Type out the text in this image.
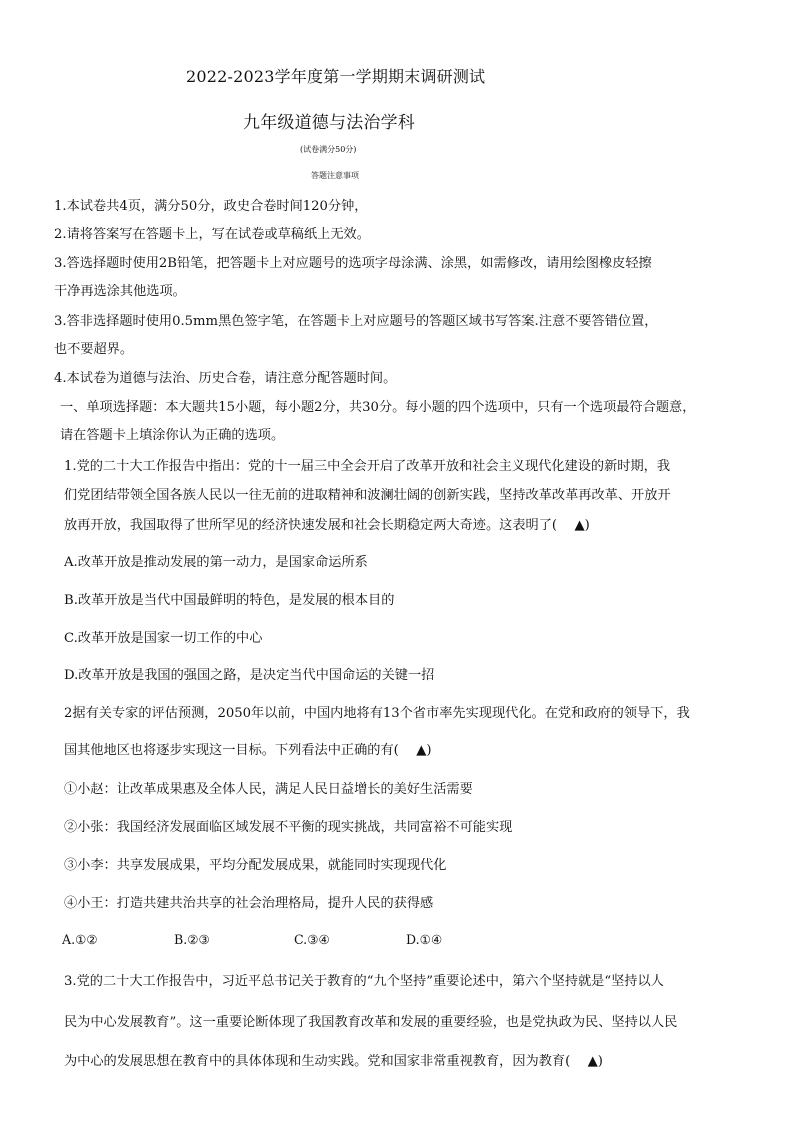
2022-2023学年度第一学期期末调研测试
九年级道德与法治学科
(试卷满分50分)
答题注意事项
1.本试卷共4页，满分50分，政史合卷时间120分钟，
2.请将答案写在答题卡上，写在试卷或草稿纸上无效。
3.答选择题时使用2B铅笔，把答题卡上对应题号的选项字母涂满、涂黑，如需修改，请用绘图橡皮轻擦
干净再选涂其他选项。
3.答非选择题时使用0.5mm黑色签字笔，在答题卡上对应题号的答题区域书写答案.注意不要答错位置，
也不要超界。
4.本试卷为道德与法治、历史合卷，请注意分配答题时间。
一、单项选择题：本大题共15小题，每小题2分，共30分。每小题的四个选项中，只有一个选项最符合题意，
请在答题卡上填涂你认为正确的选项。
1.党的二十大工作报告中指出：党的十一届三中全会开启了改革开放和社会主义现代化建设的新时期，我
们党团结带领全国各族人民以一往无前的进取精神和波澜壮阔的创新实践，坚持改革改革再改革、开放开
放再开放，我国取得了世所罕见的经济快速发展和社会长期稳定两大奇迹。这表明了(　 ▲)
A.改革开放是推动发展的第一动力，是国家命运所系
B.改革开放是当代中国最鲜明的特色，是发展的根本目的
C.改革开放是国家一切工作的中心
D.改革开放是我国的强国之路，是决定当代中国命运的关键一招
2据有关专家的评估预测，2050年以前，中国内地将有13个省市率先实现现代化。在党和政府的领导下，我
国其他地区也将逐步实现这一目标。下列看法中正确的有(　 ▲)
①小赵：让改革成果惠及全体人民，满足人民日益增长的美好生活需要
②小张：我国经济发展面临区域发展不平衡的现实挑战，共同富裕不可能实现
③小李：共享发展成果，平均分配发展成果，就能同时实现现代化
④小王：打造共建共治共享的社会治理格局，提升人民的获得感
A.①②	B.②③	C.③④	D.①④
3.党的二十大工作报告中，习近平总书记关于教育的“九个坚持”重要论述中，第六个坚持就是“坚持以人
民为中心发展教育”。这一重要论断体现了我国教育改革和发展的重要经验，也是党执政为民、坚持以人民
为中心的发展思想在教育中的具体体现和生动实践。党和国家非常重视教育，因为教育(　 ▲)
